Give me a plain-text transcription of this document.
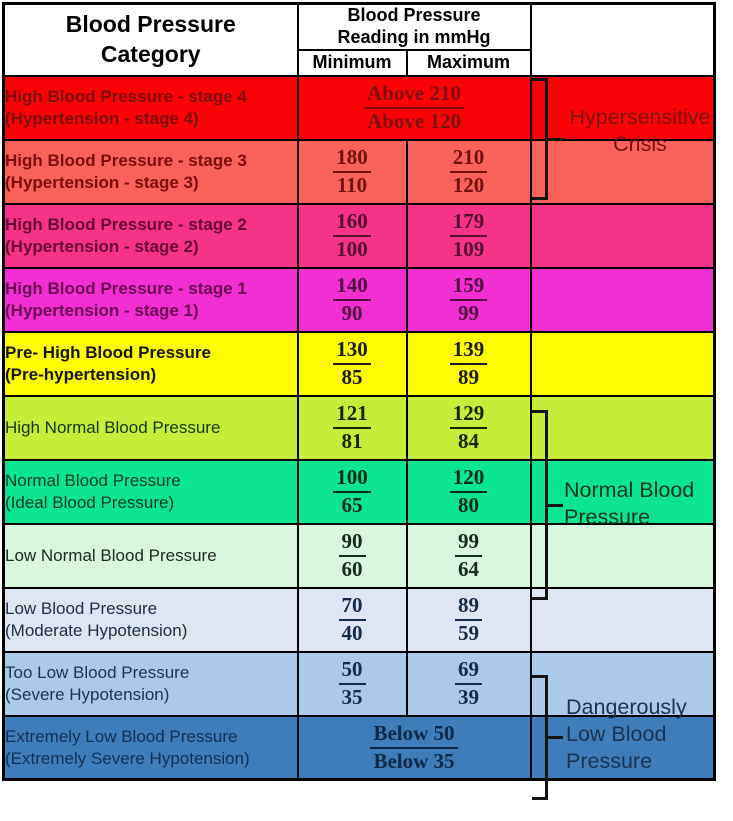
Blood Pressure Category	Blood Pressure Reading in mmHg		

	Minimum	Maximum	

High Blood Pressure - stage 4
(Hypertension - stage 4)	$\frac{\text{Above 210}}{\text{Above 120}}$

High Blood Pressure - stage 3
(Hypertension - stage 3)	$\frac{180}{110}$	$\frac{210}{120}$

High Blood Pressure - stage 2
(Hypertension - stage 2)	$\frac{160}{100}$	$\frac{179}{109}$

High Blood Pressure - stage 1
(Hypertension - stage 1)	$\frac{140}{90}$	$\frac{159}{99}$

Pre- High Blood Pressure
(Pre-hypertension)	$\frac{130}{85}$	$\frac{139}{89}$

High Normal Blood Pressure	$\frac{121}{81}$	$\frac{129}{84}$

Normal Blood Pressure
(Ideal Blood Pressure)	$\frac{100}{65}$	$\frac{120}{80}$

Low Normal Blood Pressure	$\frac{90}{60}$	$\frac{99}{64}$

Low Blood Pressure
(Moderate Hypotension)	$\frac{70}{40}$	$\frac{89}{59}$

Too Low Blood Pressure
(Severe Hypotension)	$\frac{50}{35}$	$\frac{69}{39}$

Extremely Low Blood Pressure
(Extremely Severe Hypotension)	$\frac{\text{Below 50}}{\text{Below 35}}$

Hypersensitive Crisis
Normal Blood Pressure
Dangerously Low Blood Pressure
